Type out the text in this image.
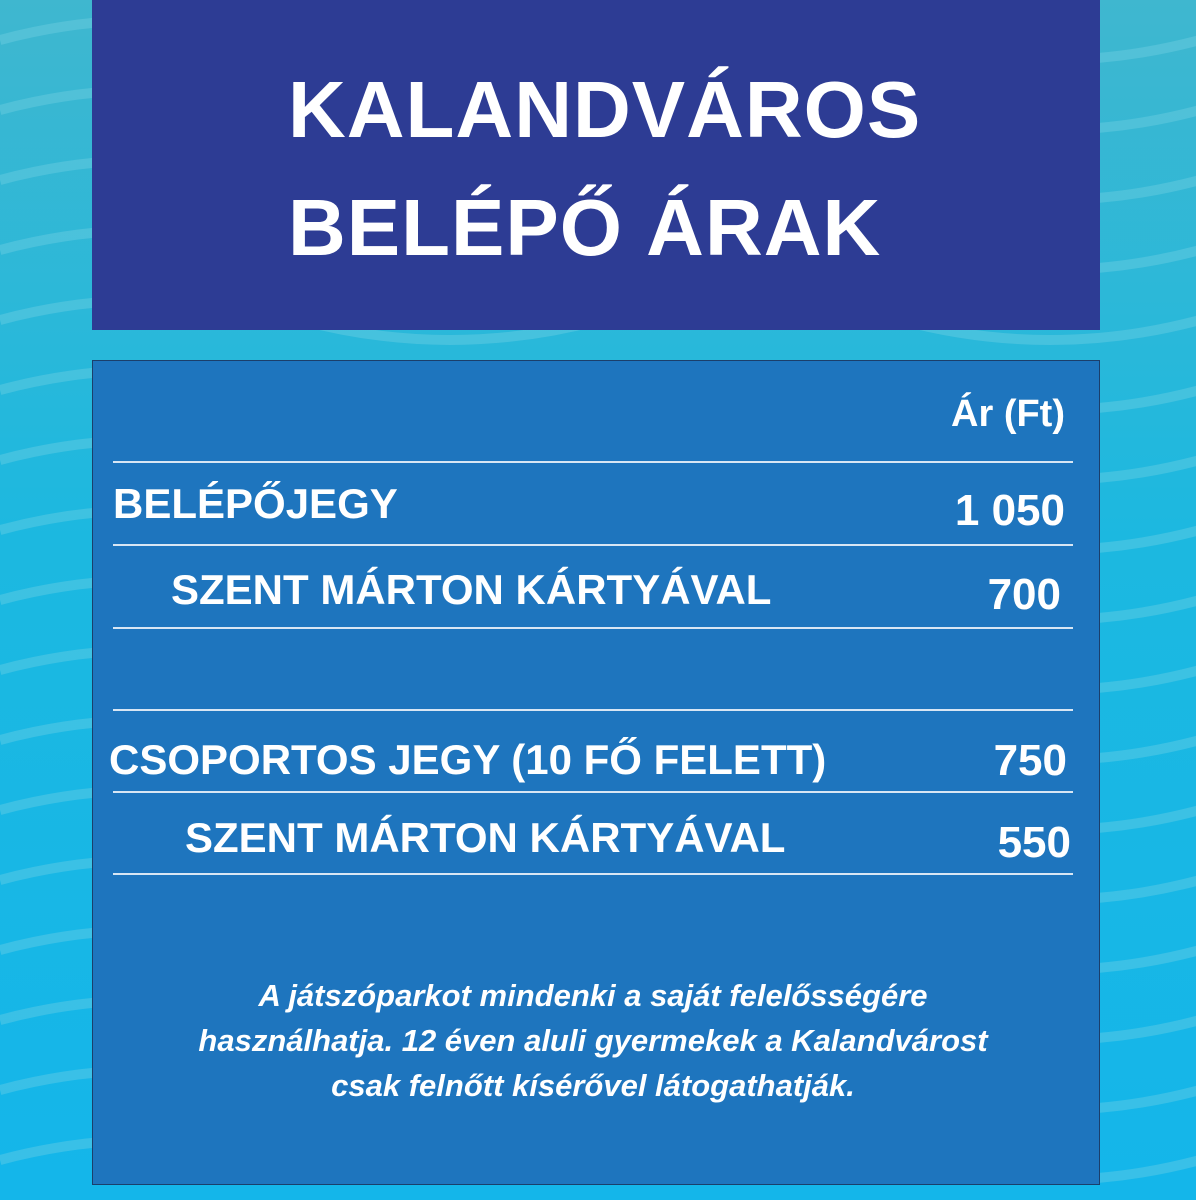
KALANDVÁROS
BELÉPŐ ÁRAK
Ár (Ft)
BELÉPŐJEGY	1 050
SZENT MÁRTON KÁRTYÁVAL	700
CSOPORTOS JEGY (10 FŐ FELETT)	750
SZENT MÁRTON KÁRTYÁVAL	550
A játszóparkot mindenki a saját felelősségére
használhatja. 12 éven aluli gyermekek a Kalandvárost
csak felnőtt kísérővel látogathatják.
